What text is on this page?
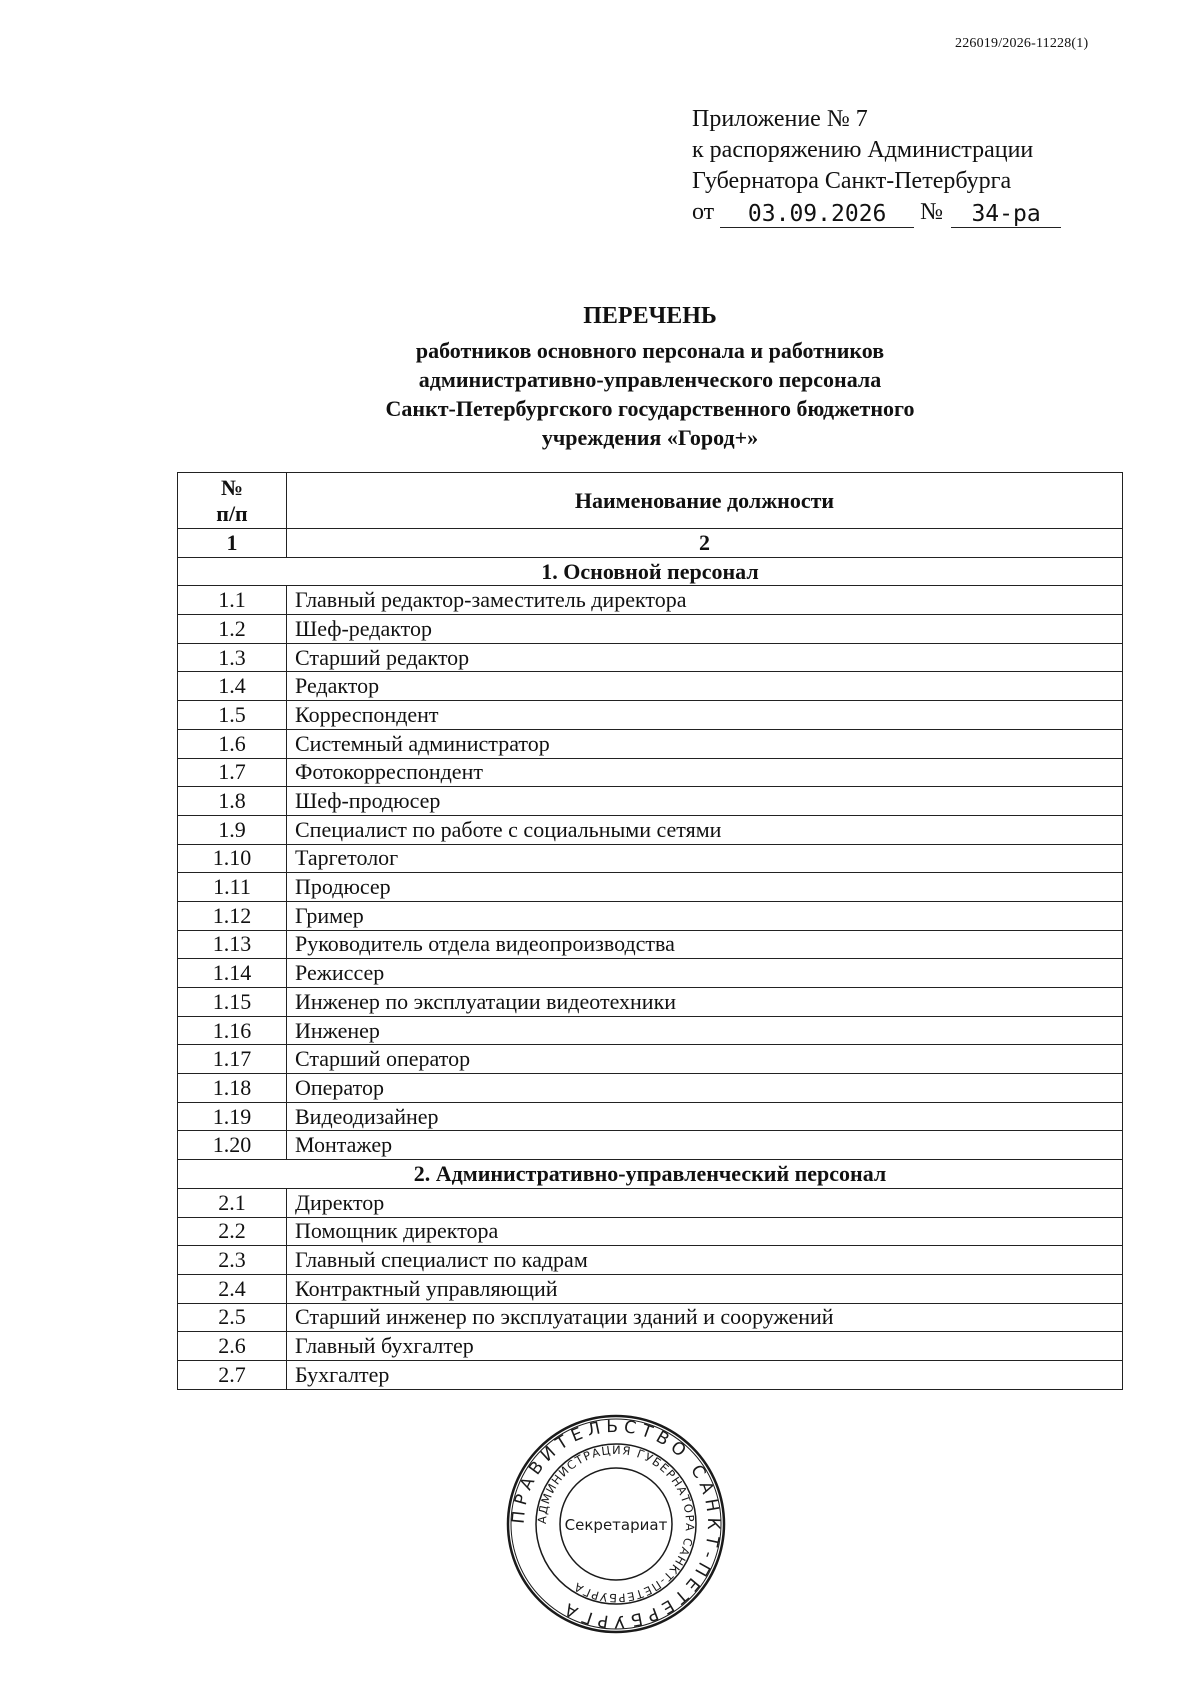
226019/2026-11228(1)
Приложение № 7
к распоряжению Администрации
Губернатора Санкт-Петербурга
от 03.09.2026 № 34-ра
ПЕРЕЧЕНЬ
работников основного персонала и работников
административно-управленческого персонала
Санкт-Петербургского государственного бюджетного
учреждения «Город+»
№
п/п	Наименование должности
1	2
1. Основной персонал	
1.1	Главный редактор-заместитель директора
1.2	Шеф-редактор
1.3	Старший редактор
1.4	Редактор
1.5	Корреспондент
1.6	Системный администратор
1.7	Фотокорреспондент
1.8	Шеф-продюсер
1.9	Специалист по работе с социальными сетями
1.10	Таргетолог
1.11	Продюсер
1.12	Гример
1.13	Руководитель отдела видеопроизводства
1.14	Режиссер
1.15	Инженер по эксплуатации видеотехники
1.16	Инженер
1.17	Старший оператор
1.18	Оператор
1.19	Видеодизайнер
1.20	Монтажер
2. Административно-управленческий персонал	
2.1	Директор
2.2	Помощник директора
2.3	Главный специалист по кадрам
2.4	Контрактный управляющий
2.5	Старший инженер по эксплуатации зданий и сооружений
2.6	Главный бухгалтер
2.7	Бухгалтер
ПРАВИТЕЛЬСТВО САНКТ-ПЕТЕРБУРГА
АДМИНИСТРАЦИЯ ГУБЕРНАТОРА САНКТ-ПЕТЕРБУРГА
Секретариат
